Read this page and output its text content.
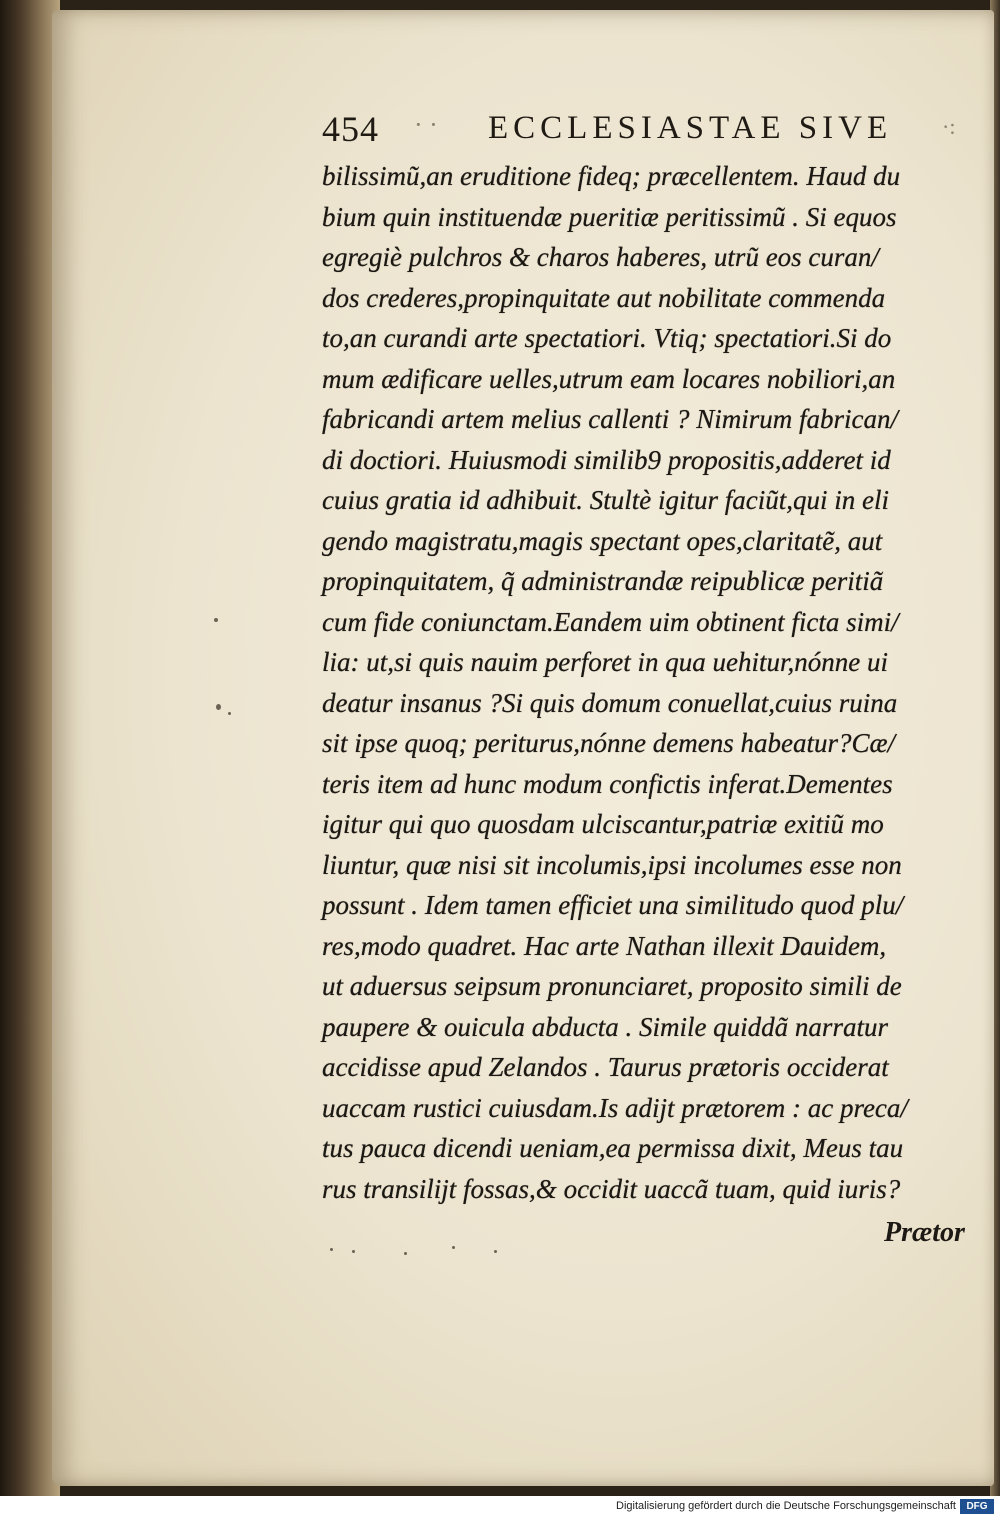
454 · · ECCLESIASTAE SIVE ·:
bilissimũ,an eruditione fideq; præcellentem. Haud du
bium quin instituendæ pueritiæ peritissimũ . Si equos
egregiè pulchros & charos haberes, utrũ eos curan/
dos crederes,propinquitate aut nobilitate commenda
to,an curandi arte spectatiori. Vtiq; spectatiori.Si do
mum ædificare uelles,utrum eam locares nobiliori,an
fabricandi artem melius callenti ? Nimirum fabrican/
di doctiori. Huiusmodi similib9 propositis,adderet id
cuius gratia id adhibuit. Stultè igitur faciũt,qui in eli
gendo magistratu,magis spectant opes,claritatẽ, aut
propinquitatem, q̃ administrandæ reipublicæ peritiã
cum fide coniunctam.Eandem uim obtinent ficta simi/
lia: ut,si quis nauim perforet in qua uehitur,nónne ui
deatur insanus ?Si quis domum conuellat,cuius ruina
sit ipse quoq; periturus,nónne demens habeatur?Cæ/
teris item ad hunc modum confictis inferat.Dementes
igitur qui quo quosdam ulciscantur,patriæ exitiũ mo
liuntur, quæ nisi sit incolumis,ipsi incolumes esse non
possunt . Idem tamen efficiet una similitudo quod plu/
res,modo quadret. Hac arte Nathan illexit Dauidem,
ut aduersus seipsum pronunciaret, proposito simili de
paupere & ouicula abducta . Simile quiddã narratur
accidisse apud Zelandos . Taurus prætoris occiderat
uaccam rustici cuiusdam.Is adijt prætorem : ac preca/
tus pauca dicendi ueniam,ea permissa dixit, Meus tau
rus transilijt fossas,& occidit uaccã tuam, quid iuris?
Prætor
Digitalisierung gefördert durch die Deutsche Forschungsgemeinschaft	DFG
